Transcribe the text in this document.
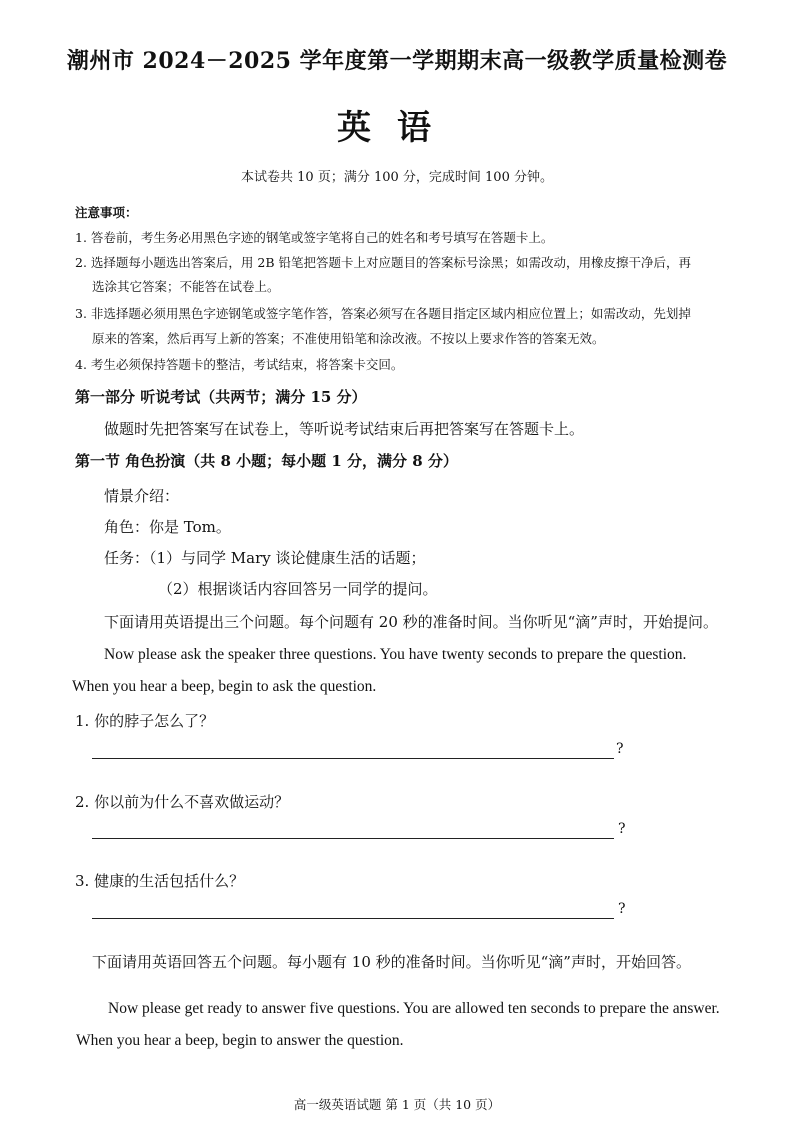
潮州市 2024－2025 学年度第一学期期末高一级教学质量检测卷
英语
本试卷共 10 页；满分 100 分，完成时间 100 分钟。
注意事项：
1. 答卷前，考生务必用黑色字迹的钢笔或签字笔将自己的姓名和考号填写在答题卡上。
2. 选择题每小题选出答案后，用 2B 铅笔把答题卡上对应题目的答案标号涂黑；如需改动，用橡皮擦干净后，再
选涂其它答案；不能答在试卷上。
3. 非选择题必须用黑色字迹钢笔或签字笔作答，答案必须写在各题目指定区域内相应位置上；如需改动，先划掉
原来的答案，然后再写上新的答案；不准使用铅笔和涂改液。不按以上要求作答的答案无效。
4. 考生必须保持答题卡的整洁，考试结束，将答案卡交回。
第一部分 听说考试（共两节；满分 15 分）
做题时先把答案写在试卷上，等听说考试结束后再把答案写在答题卡上。
第一节 角色扮演（共 8 小题；每小题 1 分，满分 8 分）
情景介绍：
角色：你是 Tom。
任务：（1）与同学 Mary 谈论健康生活的话题；
（2）根据谈话内容回答另一同学的提问。
下面请用英语提出三个问题。每个问题有 20 秒的准备时间。当你听见“滴”声时，开始提问。
Now please ask the speaker three questions. You have twenty seconds to prepare the question.
When you hear a beep, begin to ask the question.
1. 你的脖子怎么了？
?
2. 你以前为什么不喜欢做运动？
?
3. 健康的生活包括什么？
?
下面请用英语回答五个问题。每小题有 10 秒的准备时间。当你听见“滴”声时，开始回答。
Now please get ready to answer five questions. You are allowed ten seconds to prepare the answer.
When you hear a beep, begin to answer the question.
高一级英语试题 第 1 页（共 10 页）
